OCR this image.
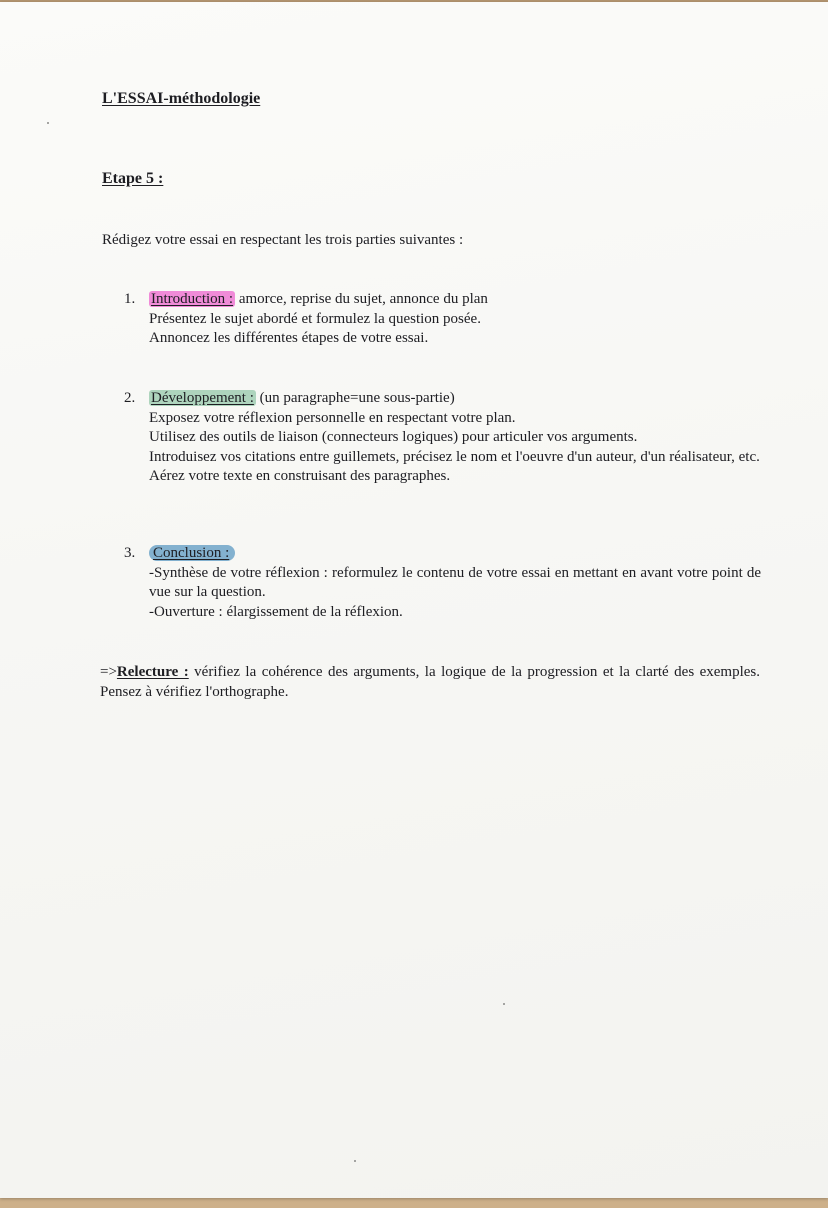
L'ESSAI-méthodologie
Etape 5 :
Rédigez votre essai en respectant les trois parties suivantes :
1. Introduction : amorce, reprise du sujet, annonce du plan
Présentez le sujet abordé et formulez la question posée.
Annoncez les différentes étapes de votre essai.
2. Développement : (un paragraphe=une sous-partie)
Exposez votre réflexion personnelle en respectant votre plan.
Utilisez des outils de liaison (connecteurs logiques) pour articuler vos arguments.
Introduisez vos citations entre guillemets, précisez le nom et l'oeuvre d'un auteur, d'un réalisateur, etc.
Aérez votre texte en construisant des paragraphes.
3. Conclusion :
-Synthèse de votre réflexion : reformulez le contenu de votre essai en mettant en avant votre point de vue sur la question.
-Ouverture : élargissement de la réflexion.
=>Relecture : vérifiez la cohérence des arguments, la logique de la progression et la clarté des exemples. Pensez à vérifiez l'orthographe.
